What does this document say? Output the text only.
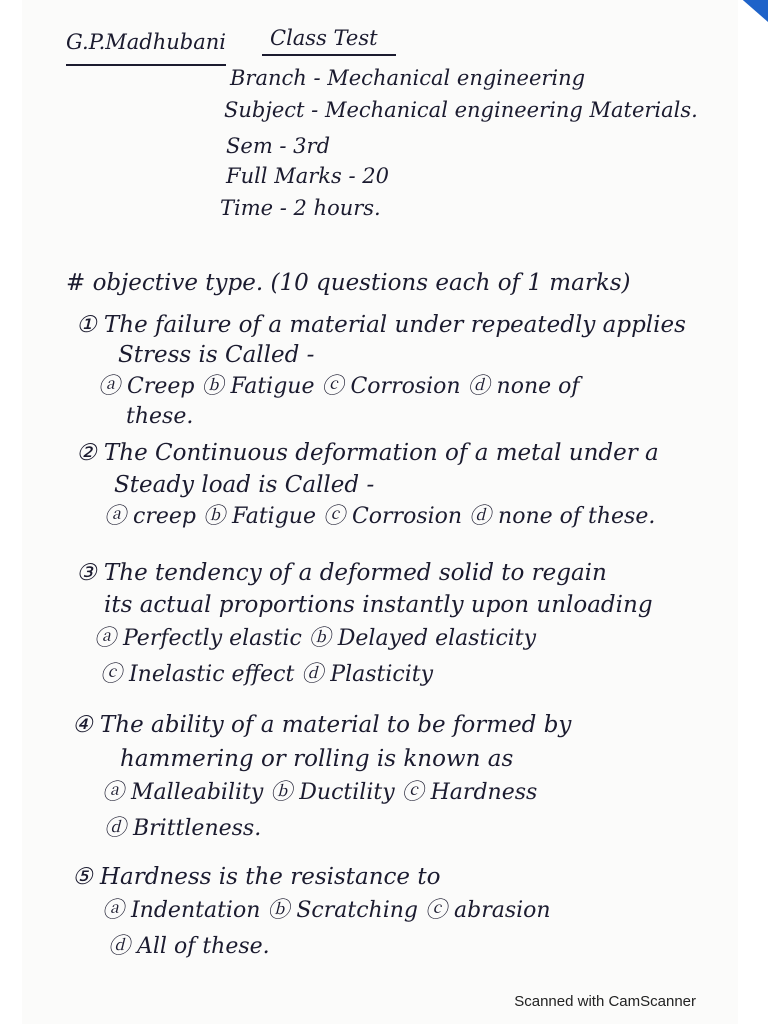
G.P.Madhubani Class Test
Branch - Mechanical engineering
Subject - Mechanical engineering Materials.
Sem - 3rd
Full Marks - 20
Time - 2 hours.
# objective type. (10 questions each of 1 marks)
① The failure of a material under repeatedly applies
Stress is Called -
ⓐ Creep ⓑ Fatigue ⓒ Corrosion ⓓ none of
these.
② The Continuous deformation of a metal under a
Steady load is Called -
ⓐ creep ⓑ Fatigue ⓒ Corrosion ⓓ none of these.
③ The tendency of a deformed solid to regain
its actual proportions instantly upon unloading
ⓐ Perfectly elastic ⓑ Delayed elasticity
ⓒ Inelastic effect ⓓ Plasticity
④ The ability of a material to be formed by
hammering or rolling is known as
ⓐ Malleability ⓑ Ductility ⓒ Hardness
ⓓ Brittleness.
⑤ Hardness is the resistance to
ⓐ Indentation ⓑ Scratching ⓒ abrasion
ⓓ All of these.
Scanned with CamScanner
